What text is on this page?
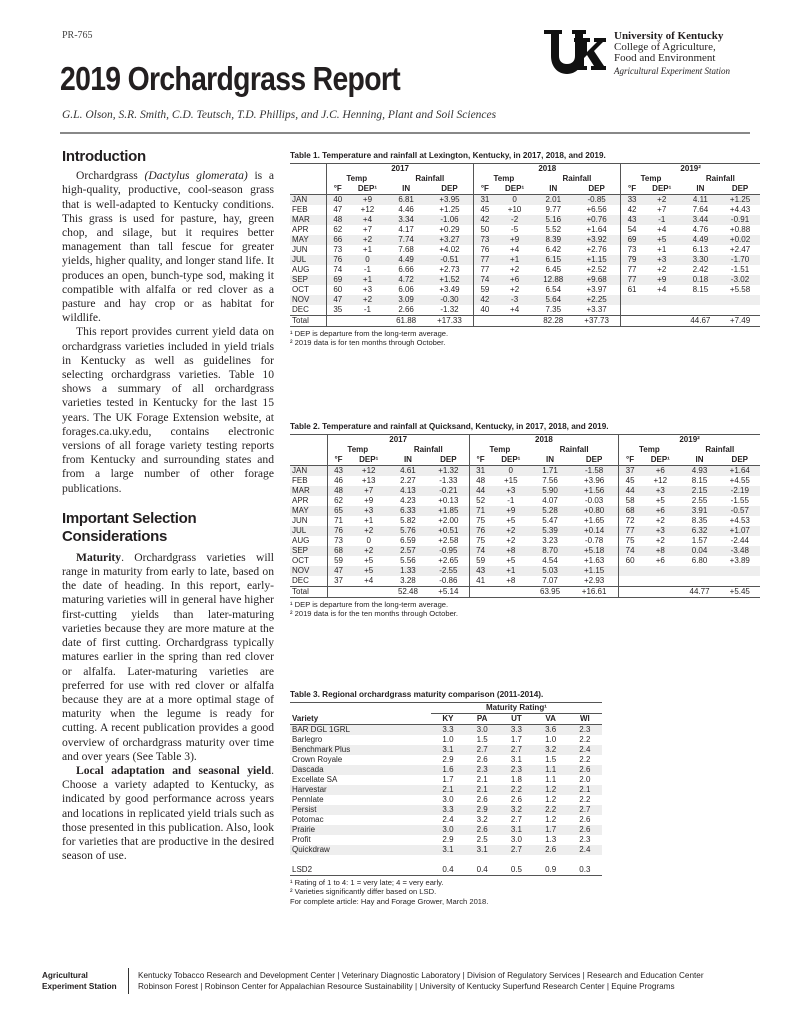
PR-765
2019 Orchardgrass Report
G.L. Olson, S.R. Smith, C.D. Teutsch, T.D. Phillips, and J.C. Henning, Plant and Soil Sciences
University of Kentucky
College of Agriculture,
Food and Environment
Agricultural Experiment Station
Introduction

Orchardgrass (Dactylus glomerata) is a high-quality, productive, cool-season grass that is well-adapted to Kentucky conditions. This grass is used for pasture, hay, green chop, and silage, but it requires better management than tall fescue for greater yields, higher quality, and longer stand life. It produces an open, bunch-type sod, making it compatible with alfalfa or red clover as a pasture and hay crop or as habitat for wildlife.

This report provides current yield data on orchardgrass varieties included in yield trials in Kentucky as well as guidelines for selecting orchardgrass varieties. Table 10 shows a summary of all orchardgrass varieties tested in Kentucky for the last 15 years. The UK Forage Extension website, at forages.ca.uky.edu, contains electronic versions of all forage variety testing reports from Kentucky and surrounding states and from a large number of other forage publications.

Important Selection Considerations

Maturity. Orchardgrass varieties will range in maturity from early to late, based on the date of heading. In this report, early-maturing varieties will in general have higher first-cutting yields than later-maturing varieties because they are more mature at the date of first cutting. Orchardgrass typically matures earlier in the spring than red clover or alfalfa. Later-maturing varieties are preferred for use with red clover or alfalfa because they are at a more optimal stage of maturity when the legume is ready for cutting. A recent publication provides a good overview of orchardgrass maturity over time and over years (See Table 3).

Local adaptation and seasonal yield. Choose a variety adapted to Kentucky, as indicated by good performance across years and locations in replicated yield trials such as those presented in this publication. Also, look for varieties that are productive in the desired season of use.

Table 1. Temperature and rainfall at Lexington, Kentucky, in 2017, 2018, and 2019.
	2017				2018				2019²			
	Temp		Rainfall		Temp		Rainfall		Temp		Rainfall	
	°F	DEP¹	IN	DEP	°F	DEP¹	IN	DEP	°F	DEP¹	IN	DEP
JAN	40	+9	6.81	+3.95	31	0	2.01	-0.85	33	+2	4.11	+1.25
FEB	47	+12	4.46	+1.25	45	+10	9.77	+6.56	42	+7	7.64	+4.43
MAR	48	+4	3.34	-1.06	42	-2	5.16	+0.76	43	-1	3.44	-0.91
APR	62	+7	4.17	+0.29	50	-5	5.52	+1.64	54	+4	4.76	+0.88
MAY	66	+2	7.74	+3.27	73	+9	8.39	+3.92	69	+5	4.49	+0.02
JUN	73	+1	7.68	+4.02	76	+4	6.42	+2.76	73	+1	6.13	+2.47
JUL	76	0	4.49	-0.51	77	+1	6.15	+1.15	79	+3	3.30	-1.70
AUG	74	-1	6.66	+2.73	77	+2	6.45	+2.52	77	+2	2.42	-1.51
SEP	69	+1	4.72	+1.52	74	+6	12.88	+9.68	77	+9	0.18	-3.02
OCT	60	+3	6.06	+3.49	59	+2	6.54	+3.97	61	+4	8.15	+5.58
NOV	47	+2	3.09	-0.30	42	-3	5.64	+2.25				
DEC	35	-1	2.66	-1.32	40	+4	7.35	+3.37				
Total			61.88	+17.33			82.28	+37.73			44.67	+7.49
¹ DEP is departure from the long-term average.
² 2019 data is for ten months through October.
Table 2. Temperature and rainfall at Quicksand, Kentucky, in 2017, 2018, and 2019.
	2017				2018				2019²			
	Temp		Rainfall		Temp		Rainfall		Temp		Rainfall	
	°F	DEP¹	IN	DEP	°F	DEP¹	IN	DEP	°F	DEP¹	IN	DEP
JAN	43	+12	4.61	+1.32	31	0	1.71	-1.58	37	+6	4.93	+1.64
FEB	46	+13	2.27	-1.33	48	+15	7.56	+3.96	45	+12	8.15	+4.55
MAR	48	+7	4.13	-0.21	44	+3	5.90	+1.56	44	+3	2.15	-2.19
APR	62	+9	4.23	+0.13	52	-1	4.07	-0.03	58	+5	2.55	-1.55
MAY	65	+3	6.33	+1.85	71	+9	5.28	+0.80	68	+6	3.91	-0.57
JUN	71	+1	5.82	+2.00	75	+5	5.47	+1.65	72	+2	8.35	+4.53
JUL	76	+2	5.76	+0.51	76	+2	5.39	+0.14	77	+3	6.32	+1.07
AUG	73	0	6.59	+2.58	75	+2	3.23	-0.78	75	+2	1.57	-2.44
SEP	68	+2	2.57	-0.95	74	+8	8.70	+5.18	74	+8	0.04	-3.48
OCT	59	+5	5.56	+2.65	59	+5	4.54	+1.63	60	+6	6.80	+3.89
NOV	47	+5	1.33	-2.55	43	+1	5.03	+1.15				
DEC	37	+4	3.28	-0.86	41	+8	7.07	+2.93				
Total			52.48	+5.14			63.95	+16.61			44.77	+5.45
¹ DEP is departure from the long-term average.
² 2019 data is for the ten months through October.
Table 3. Regional orchardgrass maturity comparison (2011-2014).
	Maturity Rating¹				
Variety	KY	PA	UT	VA	WI
BAR DGL 1GRL	3.3	3.0	3.3	3.6	2.3
Barlegro	1.0	1.5	1.7	1.0	2.2
Benchmark Plus	3.1	2.7	2.7	3.2	2.4
Crown Royale	2.9	2.6	3.1	1.5	2.2
Dascada	1.6	2.3	2.3	1.1	2.6
Excellate SA	1.7	2.1	1.8	1.1	2.0
Harvestar	2.1	2.1	2.2	1.2	2.1
Pennlate	3.0	2.6	2.6	1.2	2.2
Persist	3.3	2.9	3.2	2.2	2.7
Potomac	2.4	3.2	2.7	1.2	2.6
Prairie	3.0	2.6	3.1	1.7	2.6
Profit	2.9	2.5	3.0	1.3	2.3
Quickdraw	3.1	3.1	2.7	2.6	2.4

LSD2	0.4	0.4	0.5	0.9	0.3
¹ Rating of 1 to 4: 1 = very late; 4 = very early.
² Varieties significantly differ based on LSD.
For complete article: Hay and Forage Grower, March 2018.
Agricultural
Experiment Station
Kentucky Tobacco Research and Development Center | Veterinary Diagnostic Laboratory | Division of Regulatory Services | Research and Education Center
Robinson Forest | Robinson Center for Appalachian Resource Sustainability | University of Kentucky Superfund Research Center | Equine Programs
